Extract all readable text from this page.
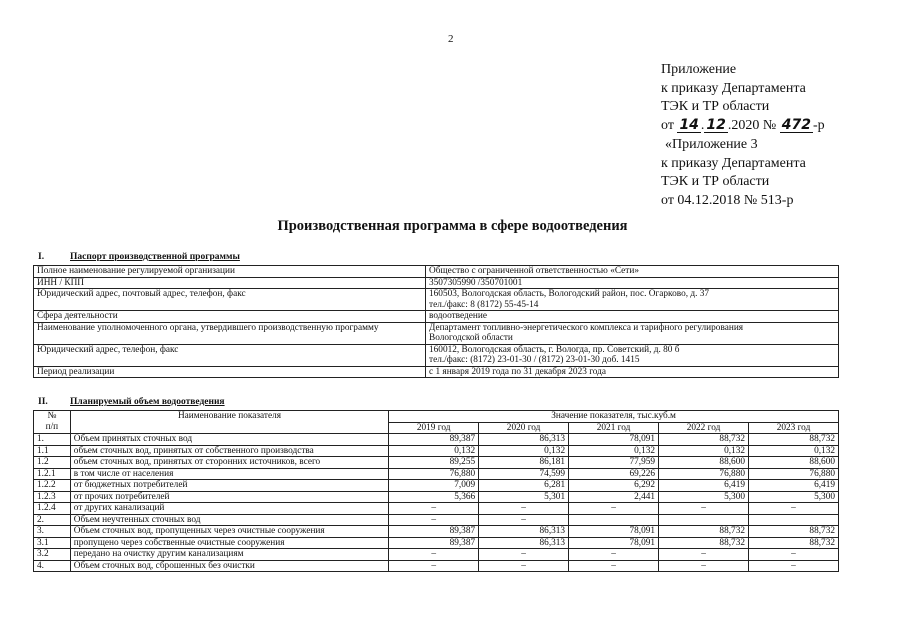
2
Приложение
к приказу Департамента
ТЭК и ТР области
от 14 . 12 .2020 № 472 -р
«Приложение 3
к приказу Департамента
ТЭК и ТР области
от 04.12.2018 № 513-р
Производственная программа в сфере водоотведения
I.	Паспорт производственной программы
Полное наименование регулируемой организации	Общество с ограниченной ответственностью «Сети»
ИНН / КПП	3507305990 /350701001
Юридический адрес, почтовый адрес, телефон, факс	160503, Вологодская область, Вологодский район, пос. Огарково, д. 37
тел./факс: 8 (8172) 55-45-14
Сфера деятельности	водоотведение
Наименование уполномоченного органа, утвердившего производственную программу	Департамент топливно-энергетического комплекса и тарифного регулирования
Вологодской области
Юридический адрес, телефон, факс	160012, Вологодская область, г. Вологда, пр. Советский, д. 80 б
тел./факс: (8172) 23-01-30 / (8172) 23-01-30 доб. 1415
Период реализации	с 1 января 2019 года по 31 декабря 2023 года
II. Планируемый объем водоотведения
№
п/п	Наименование показателя	Значение показателя, тыс.куб.м				
		2019 год	2020 год	2021 год	2022 год	2023 год
1.	Объем принятых сточных вод	89,387	86,313	78,091	88,732	88,732
1.1	объем сточных вод, принятых от собственного производства	0,132	0,132	0,132	0,132	0,132
1.2	объем сточных вод, принятых от сторонних источников, всего	89,255	86,181	77,959	88,600	88,600
1.2.1	в том числе от населения	76,880	74,599	69,226	76,880	76,880
1.2.2	от бюджетных потребителей	7,009	6,281	6,292	6,419	6,419
1.2.3	от прочих потребителей	5,366	5,301	2,441	5,300	5,300
1.2.4	от других канализаций	–	–	–	–	–
2.	Объем неучтенных сточных вод	–	–			
3.	Объем сточных вод, пропущенных через очистные сооружения	89,387	86,313	78,091	88,732	88,732
3.1	пропущено через собственные очистные сооружения	89,387	86,313	78,091	88,732	88,732
3.2	передано на очистку другим канализациям	–	–	–	–	–
4.	Объем сточных вод, сброшенных без очистки	–	–	–	–	–
